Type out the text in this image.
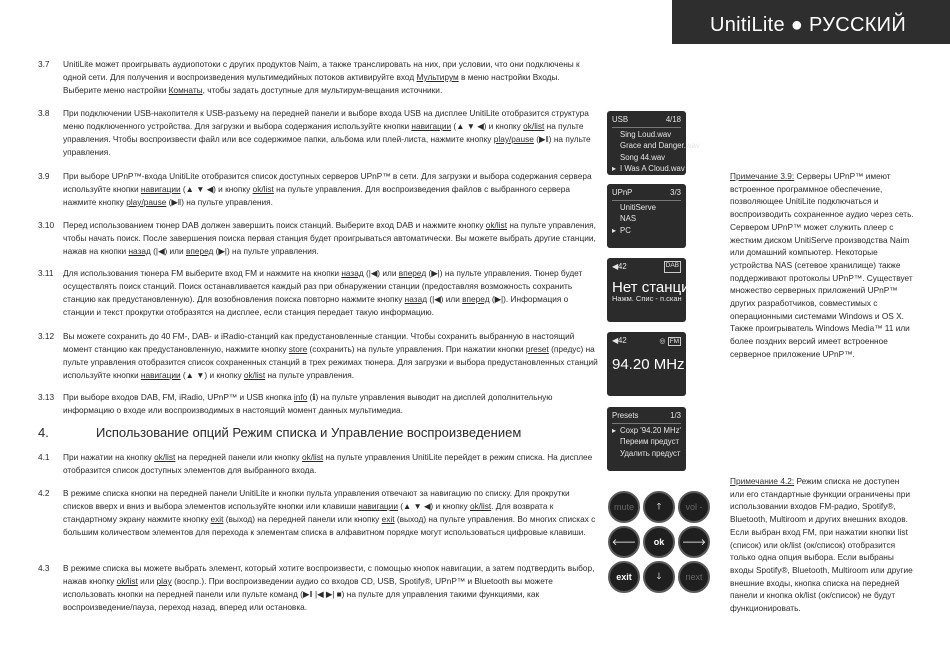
UnitiLite ● РУССКИЙ
3.7 UnitiLite может проигрывать аудиопотоки с других продуктов Naim, а также транслировать на них, при условии, что они подключены к одной сети. Для получения и воспроизведения мультимедийных потоков активируйте вход Мультирум в меню настройки Входы. Выберите меню настройки Комнаты, чтобы задать доступные для мультирум-вещания источники.
3.8 При подключении USB-накопителя к USB-разъему на передней панели и выборе входа USB на дисплее UnitiLite отобразится структура меню подключенного устройства. Для загрузки и выбора содержания используйте кнопки навигации (▲ ▼ ◀) и кнопку ok/list на пульте управления. Чтобы воспроизвести файл или все содержимое папки, альбома или плей-листа, нажмите кнопку play/pause (▶‖) на пульте управления.
3.9 При выборе UPnP™-входа UnitiLite отобразится список доступных серверов UPnP™ в сети. Для загрузки и выбора содержания сервера используйте кнопки навигации (▲ ▼ ◀) и кнопку ok/list на пульте управления. Для воспроизведения файлов с выбранного сервера нажмите кнопку play/pause (▶‖) на пульте управления.
3.10 Перед использованием тюнер DAB должен завершить поиск станций. Выберите вход DAB и нажмите кнопку ok/list на пульте управления, чтобы начать поиск. После завершения поиска первая станция будет проигрываться автоматически. Вы можете выбрать другие станции, нажав на кнопки назад (|◀) или вперед (▶|) на пульте управления.
3.11 Для использования тюнера FM выберите вход FM и нажмите на кнопки назад (|◀) или вперед (▶|) на пульте управления. Тюнер будет осуществлять поиск станций. Поиск останавливается каждый раз при обнаружении станции (предоставляя возможность сохранить станцию как предустановленную). Для возобновления поиска повторно нажмите кнопку назад (|◀) или вперед (▶|). Информация о станции и текст прокрутки отобразятся на дисплее, если станция передает такую информацию.
3.12 Вы можете сохранить до 40 FM-, DAB- и iRadio-станций как предустановленные станции. Чтобы сохранить выбранную в настоящий момент станцию как предустановленную, нажмите кнопку store (сохранить) на пульте управления. При нажатии кнопки preset (предус) на пульте управления отобразится список сохраненных станций в трех режимах тюнера. Для загрузки и выбора предустановленных станций используйте кнопки навигации (▲ ▼) и кнопку ok/list на пульте управления.
3.13 При выборе входов DAB, FM, iRadio, UPnP™ и USB кнопка info (ℹ) на пульте управления выводит на дисплей дополнительную информацию о входе или воспроизводимых в настоящий момент данных мультимедиа.
4.	Использование опций Режим списка и Управление воспроизведением
4.1 При нажатии на кнопку ok/list на передней панели или кнопку ok/list на пульте управления UnitiLite перейдет в режим списка. На дисплее отобразится список доступных элементов для выбранного входа.
4.2 В режиме списка кнопки на передней панели UnitiLite и кнопки пульта управления отвечают за навигацию по списку. Для прокрутки списков вверх и вниз и выбора элементов используйте кнопки или клавиши навигации (▲ ▼ ◀) и кнопку ok/list. Для возврата к стандартному экрану нажмите кнопку exit (выход) на передней панели или кнопку exit (выход) на пульте управления. Во многих списках с большим количеством элементов для перехода к элементам списка в алфавитном порядке могут использоваться цифровые клавиши.
4.3 В режиме списка вы можете выбрать элемент, который хотите воспроизвести, с помощью кнопок навигации, а затем подтвердить выбор, нажав кнопку ok/list или play (воспр.). При воспроизведении аудио со входов CD, USB, Spotify®, UPnP™ и Bluetooth вы можете использовать кнопки на передней панели или пульте команд (▶‖ |◀ ▶| ■) на пульте для управления такими функциями, как воспроизведение/пауза, переход назад, вперед или остановка.
USB	4/18
Sing Loud.wav
Grace and Danger.wav
Song 44.wav
▸ I Was A Cloud.wav
UPnP	3/3
UnitiServe
NAS
▸ PC
◀42	DAB
Нет станций
Нажм. Спис - п.скан
◀42	◎ FM
94.20 MHz
Presets	1/3
▸ Сохр '94.20 MHz'
Переим предуст
Удалить предуст
mute	🡑	vol -
🡐	ok	🡒
exit	🡓	next
Примечание 3.9: Серверы UPnP™ имеют встроенное программное обеспечение, позволяющее UnitiLite подключаться и воспроизводить сохраненное аудио через сеть. Сервером UPnP™ может служить плеер с жестким диском UnitiServe производства Naim или домашний компьютер. Некоторые устройства NAS (сетевое хранилище) также поддерживают протоколы UPnP™. Существует множество серверных приложений UPnP™ других разработчиков, совместимых с операционными системами Windows и OS X. Также проигрыватель Windows Media™ 11 или более поздних версий имеет встроенное серверное приложение UPnP™.
Примечание 4.2: Режим списка не доступен или его стандартные функции ограничены при использовании входов FM-радио, Spotify®, Bluetooth, Multiroom и других внешних входов. Если выбран вход FM, при нажатии кнопки list (список) или ok/list (ок/список) отобразится только одна опция выбора. Если выбраны входы Spotify®, Bluetooth, Multiroom или другие внешние входы, кнопка списка на передней панели и кнопка ok/list (ок/список) не будут функционировать.
